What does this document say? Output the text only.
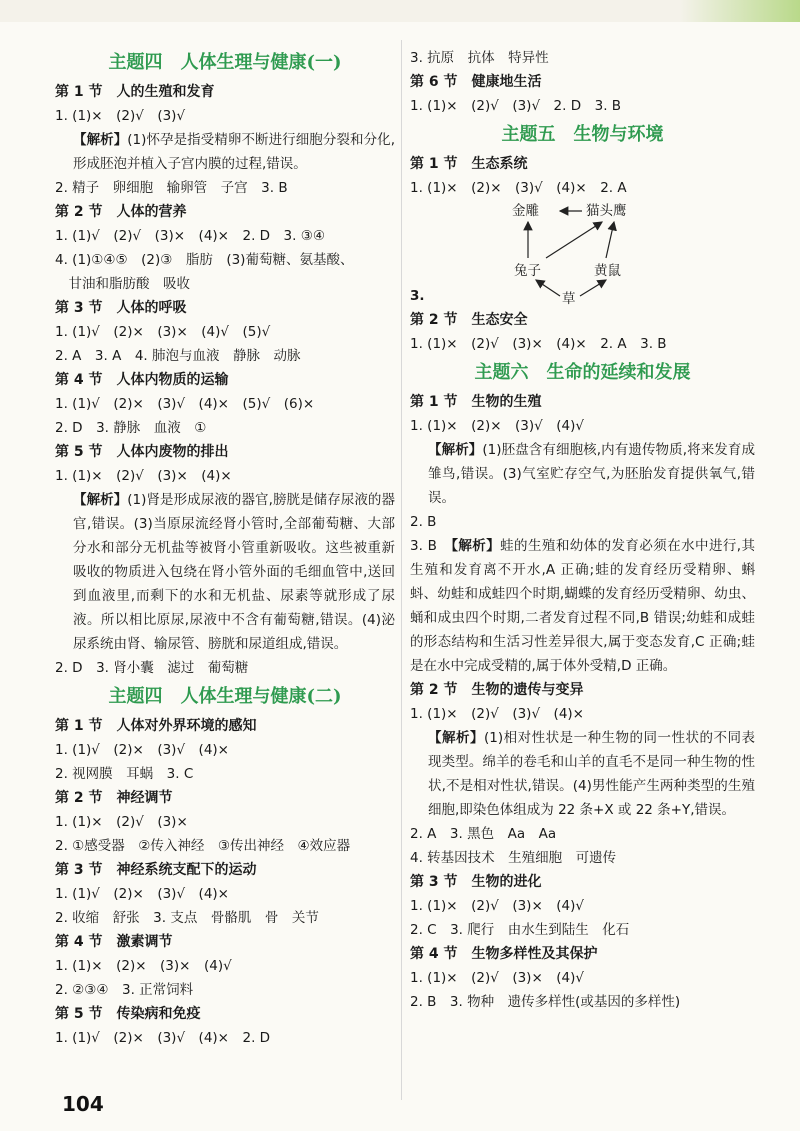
主题四　人体生理与健康(一)
第 1 节　人的生殖和发育
1. (1)×　(2)√　(3)√
【解析】(1)怀孕是指受精卵不断进行细胞分裂和分化,形成胚泡并植入子宫内膜的过程,错误。
2. 精子　卵细胞　输卵管　子宫　3. B
第 2 节　人体的营养
1. (1)√　(2)√　(3)×　(4)×　2. D　3. ③④
4. (1)①④⑤　(2)③　脂肪　(3)葡萄糖、氨基酸、
　甘油和脂肪酸　吸收
第 3 节　人体的呼吸
1. (1)√　(2)×　(3)×　(4)√　(5)√
2. A　3. A　4. 肺泡与血液　静脉　动脉
第 4 节　人体内物质的运输
1. (1)√　(2)×　(3)√　(4)×　(5)√　(6)×
2. D　3. 静脉　血液　①
第 5 节　人体内废物的排出
1. (1)×　(2)√　(3)×　(4)×
【解析】(1)肾是形成尿液的器官,膀胱是储存尿液的器官,错误。(3)当原尿流经肾小管时,全部葡萄糖、大部分水和部分无机盐等被肾小管重新吸收。这些被重新吸收的物质进入包绕在肾小管外面的毛细血管中,送回到血液里,而剩下的水和无机盐、尿素等就形成了尿液。所以相比原尿,尿液中不含有葡萄糖,错误。(4)泌尿系统由肾、输尿管、膀胱和尿道组成,错误。
2. D　3. 肾小囊　滤过　葡萄糖
主题四　人体生理与健康(二)
第 1 节　人体对外界环境的感知
1. (1)√　(2)×　(3)√　(4)×
2. 视网膜　耳蜗　3. C
第 2 节　神经调节
1. (1)×　(2)√　(3)×
2. ①感受器　②传入神经　③传出神经　④效应器
第 3 节　神经系统支配下的运动
1. (1)√　(2)×　(3)√　(4)×
2. 收缩　舒张　3. 支点　骨骼肌　骨　关节
第 4 节　激素调节
1. (1)×　(2)×　(3)×　(4)√
2. ②③④　3. 正常饲料
第 5 节　传染病和免疫
1. (1)√　(2)×　(3)√　(4)×　2. D
3. 抗原　抗体　特异性
第 6 节　健康地生活
1. (1)×　(2)√　(3)√　2. D　3. B
主题五　生物与环境
第 1 节　生态系统
1. (1)×　(2)×　(3)√　(4)×　2. A
金雕	猫头鹰
兔子	黄鼠
草
3.
第 2 节　生态安全
1. (1)×　(2)√　(3)×　(4)×　2. A　3. B
主题六　生命的延续和发展
第 1 节　生物的生殖
1. (1)×　(2)×　(3)√　(4)√
【解析】(1)胚盘含有细胞核,内有遗传物质,将来发育成雏鸟,错误。(3)气室贮存空气,为胚胎发育提供氧气,错误。
2. B
3. B　【解析】蛙的生殖和幼体的发育必须在水中进行,其生殖和发育离不开水,A 正确;蛙的发育经历受精卵、蝌蚪、幼蛙和成蛙四个时期,蝴蝶的发育经历受精卵、幼虫、蛹和成虫四个时期,二者发育过程不同,B 错误;幼蛙和成蛙的形态结构和生活习性差异很大,属于变态发育,C 正确;蛙是在水中完成受精的,属于体外受精,D 正确。
第 2 节　生物的遗传与变异
1. (1)×　(2)√　(3)√　(4)×
【解析】(1)相对性状是一种生物的同一性状的不同表现类型。绵羊的卷毛和山羊的直毛不是同一种生物的性状,不是相对性状,错误。(4)男性能产生两种类型的生殖细胞,即染色体组成为 22 条+X 或 22 条+Y,错误。
2. A　3. 黑色　Aa　Aa
4. 转基因技术　生殖细胞　可遗传
第 3 节　生物的进化
1. (1)×　(2)√　(3)×　(4)√
2. C　3. 爬行　由水生到陆生　化石
第 4 节　生物多样性及其保护
1. (1)×　(2)√　(3)×　(4)√
2. B　3. 物种　遗传多样性(或基因的多样性)
104
